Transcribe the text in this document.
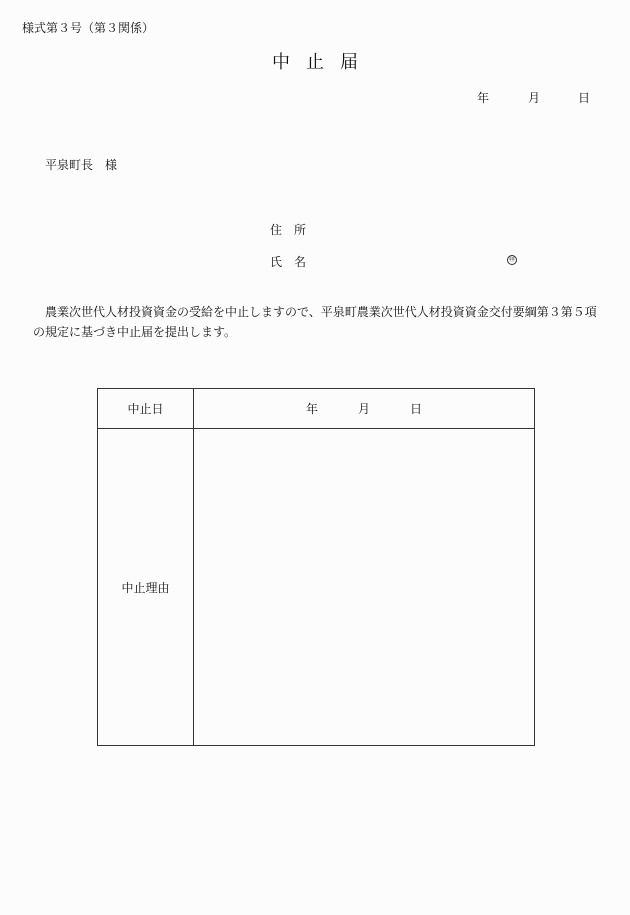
様式第３号（第３関係）
中止届
年	月	日
平泉町長 様
住所
氏名	㊞
農業次世代人材投資資金の受給を中止しますので、平泉町農業次世代人材投資資金交付要綱第３第５項の規定に基づき中止届を提出します。
中止日	年 月 日
中止理由	
